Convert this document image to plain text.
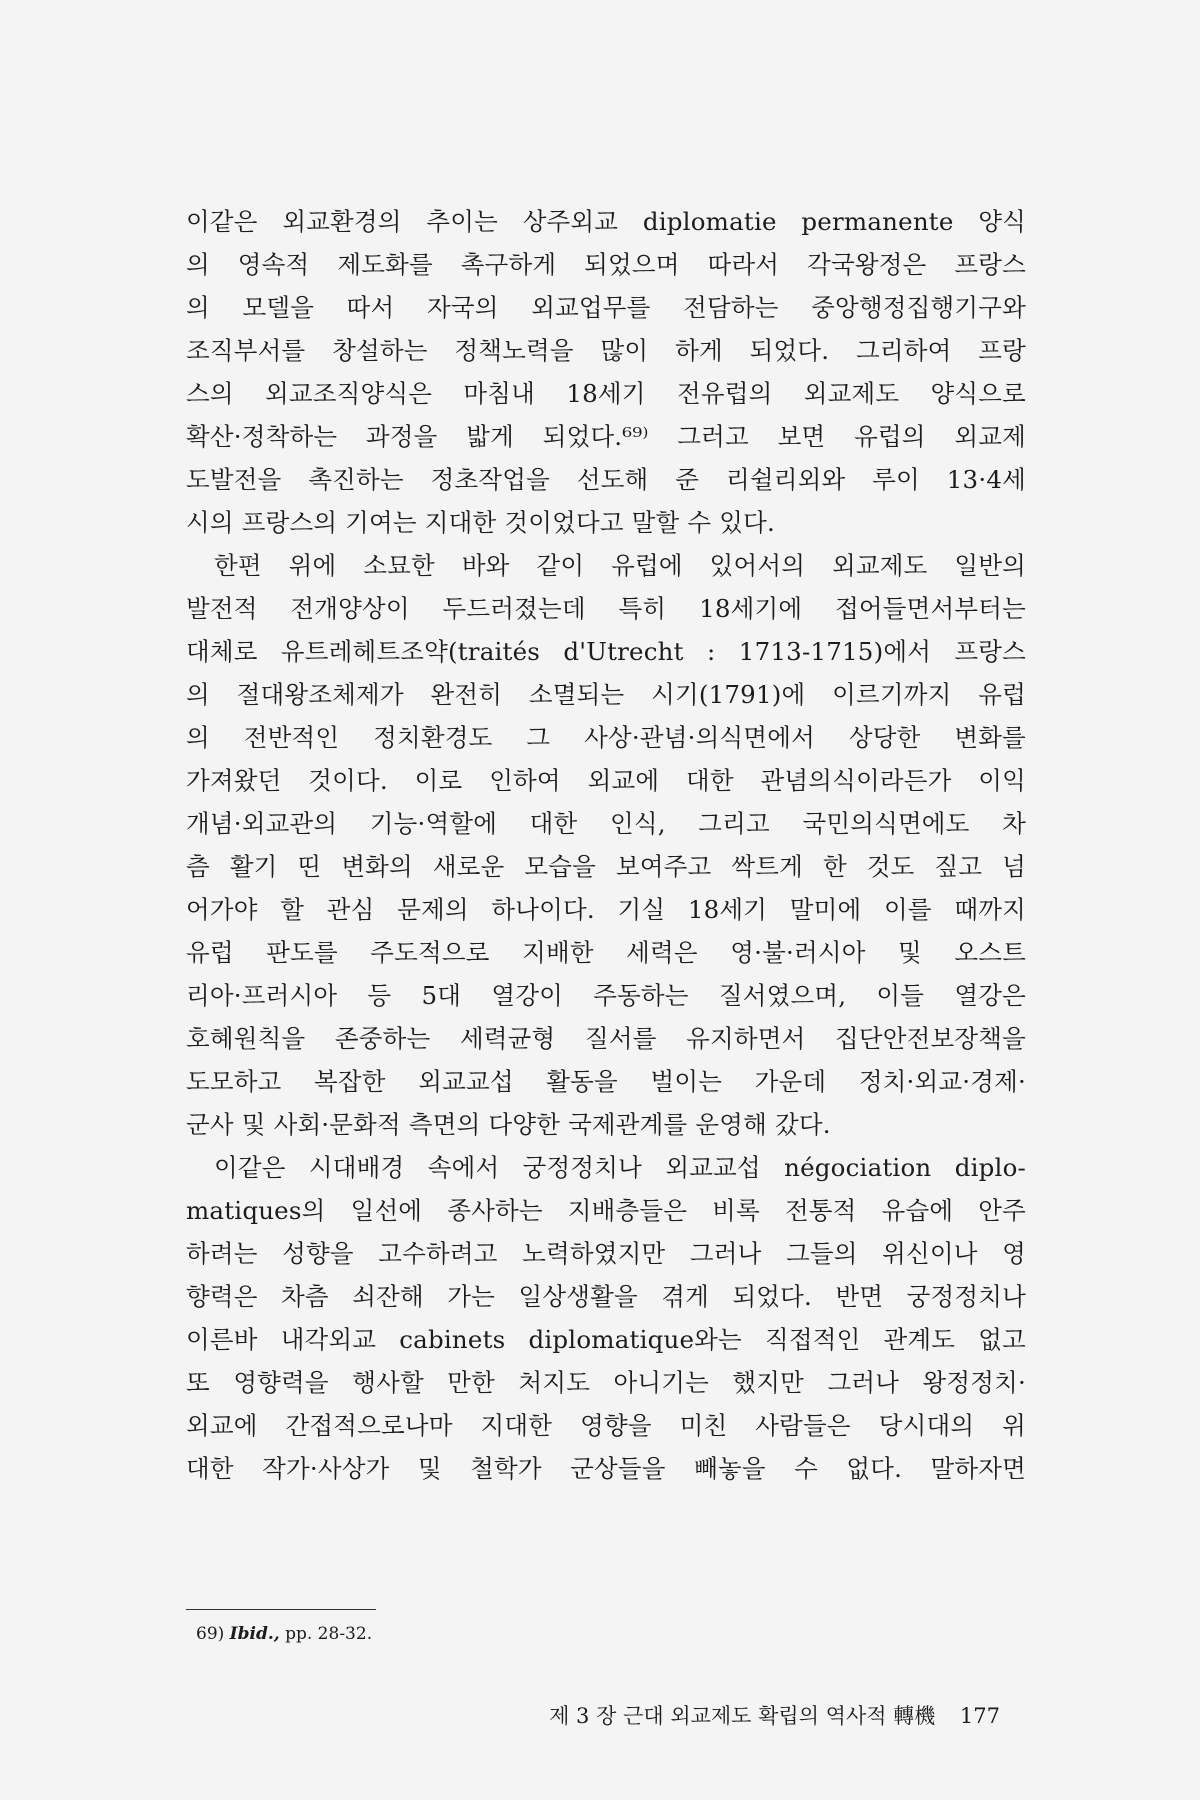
이같은 외교환경의 추이는 상주외교 diplomatie permanente 양식
의 영속적 제도화를 촉구하게 되었으며 따라서 각국왕정은 프랑스
의 모델을 따서 자국의 외교업무를 전담하는 중앙행정집행기구와
조직부서를 창설하는 정책노력을 많이 하게 되었다. 그리하여 프랑
스의 외교조직양식은 마침내 18세기 전유럽의 외교제도 양식으로
확산·정착하는 과정을 밟게 되었다.⁶⁹⁾ 그러고 보면 유럽의 외교제
도발전을 촉진하는 정초작업을 선도해 준 리쉴리외와 루이 13·4세
시의 프랑스의 기여는 지대한 것이었다고 말할 수 있다.
한편 위에 소묘한 바와 같이 유럽에 있어서의 외교제도 일반의
발전적 전개양상이 두드러졌는데 특히 18세기에 접어들면서부터는
대체로 유트레헤트조약(traités d'Utrecht : 1713-1715)에서 프랑스
의 절대왕조체제가 완전히 소멸되는 시기(1791)에 이르기까지 유럽
의 전반적인 정치환경도 그 사상·관념·의식면에서 상당한 변화를
가져왔던 것이다. 이로 인하여 외교에 대한 관념의식이라든가 이익
개념·외교관의 기능·역할에 대한 인식, 그리고 국민의식면에도 차
츰 활기 띤 변화의 새로운 모습을 보여주고 싹트게 한 것도 짚고 넘
어가야 할 관심 문제의 하나이다. 기실 18세기 말미에 이를 때까지
유럽 판도를 주도적으로 지배한 세력은 영·불·러시아 및 오스트
리아·프러시아 등 5대 열강이 주동하는 질서였으며, 이들 열강은
호혜원칙을 존중하는 세력균형 질서를 유지하면서 집단안전보장책을
도모하고 복잡한 외교교섭 활동을 벌이는 가운데 정치·외교·경제·
군사 및 사회·문화적 측면의 다양한 국제관계를 운영해 갔다.
이같은 시대배경 속에서 궁정정치나 외교교섭 négociation diplo-
matiques의 일선에 종사하는 지배층들은 비록 전통적 유습에 안주
하려는 성향을 고수하려고 노력하였지만 그러나 그들의 위신이나 영
향력은 차츰 쇠잔해 가는 일상생활을 겪게 되었다. 반면 궁정정치나
이른바 내각외교 cabinets diplomatique와는 직접적인 관계도 없고
또 영향력을 행사할 만한 처지도 아니기는 했지만 그러나 왕정정치·
외교에 간접적으로나마 지대한 영향을 미친 사람들은 당시대의 위
대한 작가·사상가 및 철학가 군상들을 빼놓을 수 없다. 말하자면
69) Ibid., pp. 28-32.
제 3 장 근대 외교제도 확립의 역사적 轉機 177
